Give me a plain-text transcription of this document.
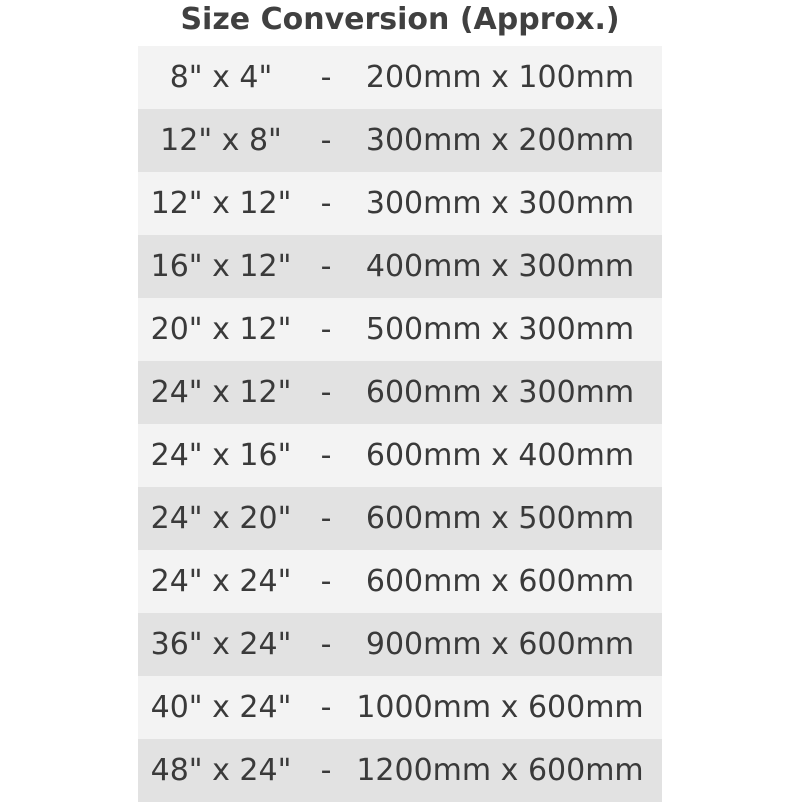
Size Conversion (Approx.)
8" x 4"	-	200mm x 100mm
12" x 8"	-	300mm x 200mm
12" x 12" -	300mm x 300mm
16" x 12" -	400mm x 300mm
20" x 12" -	500mm x 300mm
24" x 12" -	600mm x 300mm
24" x 16" -	600mm x 400mm
24" x 20" -	600mm x 500mm
24" x 24" -	600mm x 600mm
36" x 24" -	900mm x 600mm
40" x 24" - 1000mm x 600mm
48" x 24" - 1200mm x 600mm
